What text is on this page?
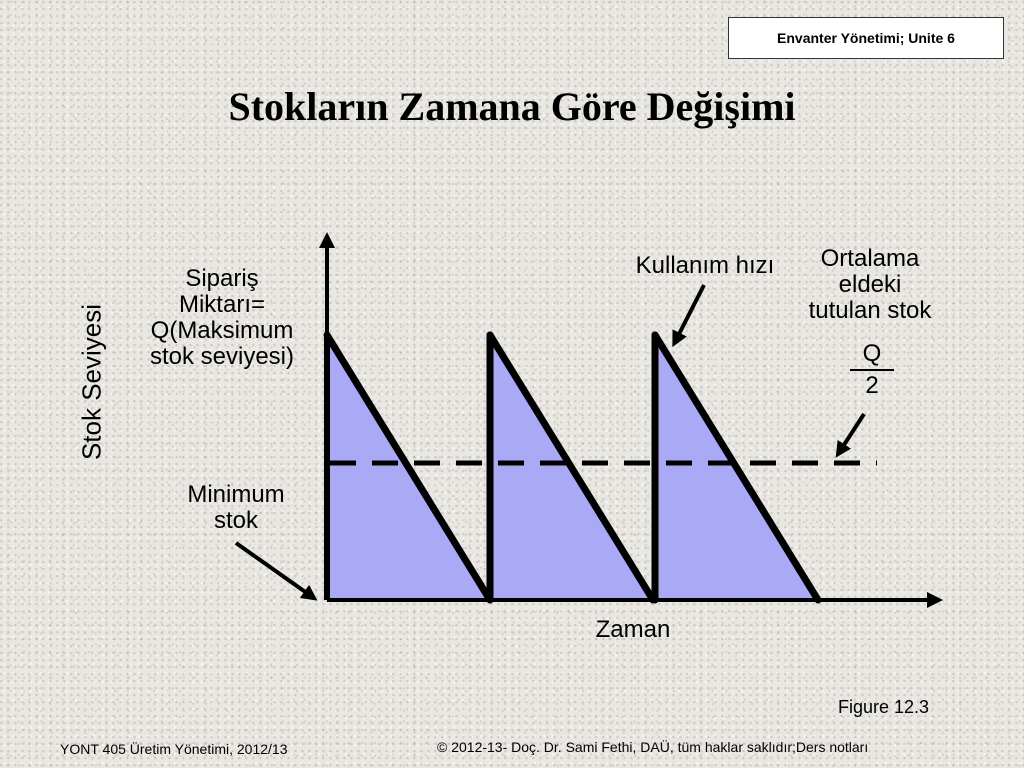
Envanter Yönetimi; Unite 6
Stokların Zamana Göre Değişimi
Stok Seviyesi
Sipariş
Miktarı=
Q(Maksimum
stok seviyesi)
Kullanım hızı	Ortalama
eldeki
tutulan stok
Q
2
Minimum
stok
Zaman
Figure 12.3
YONT 405 Üretim Yönetimi, 2012/13	© 2012-13- Doç. Dr. Sami Fethi, DAÜ, tüm haklar saklıdır;Ders notları
